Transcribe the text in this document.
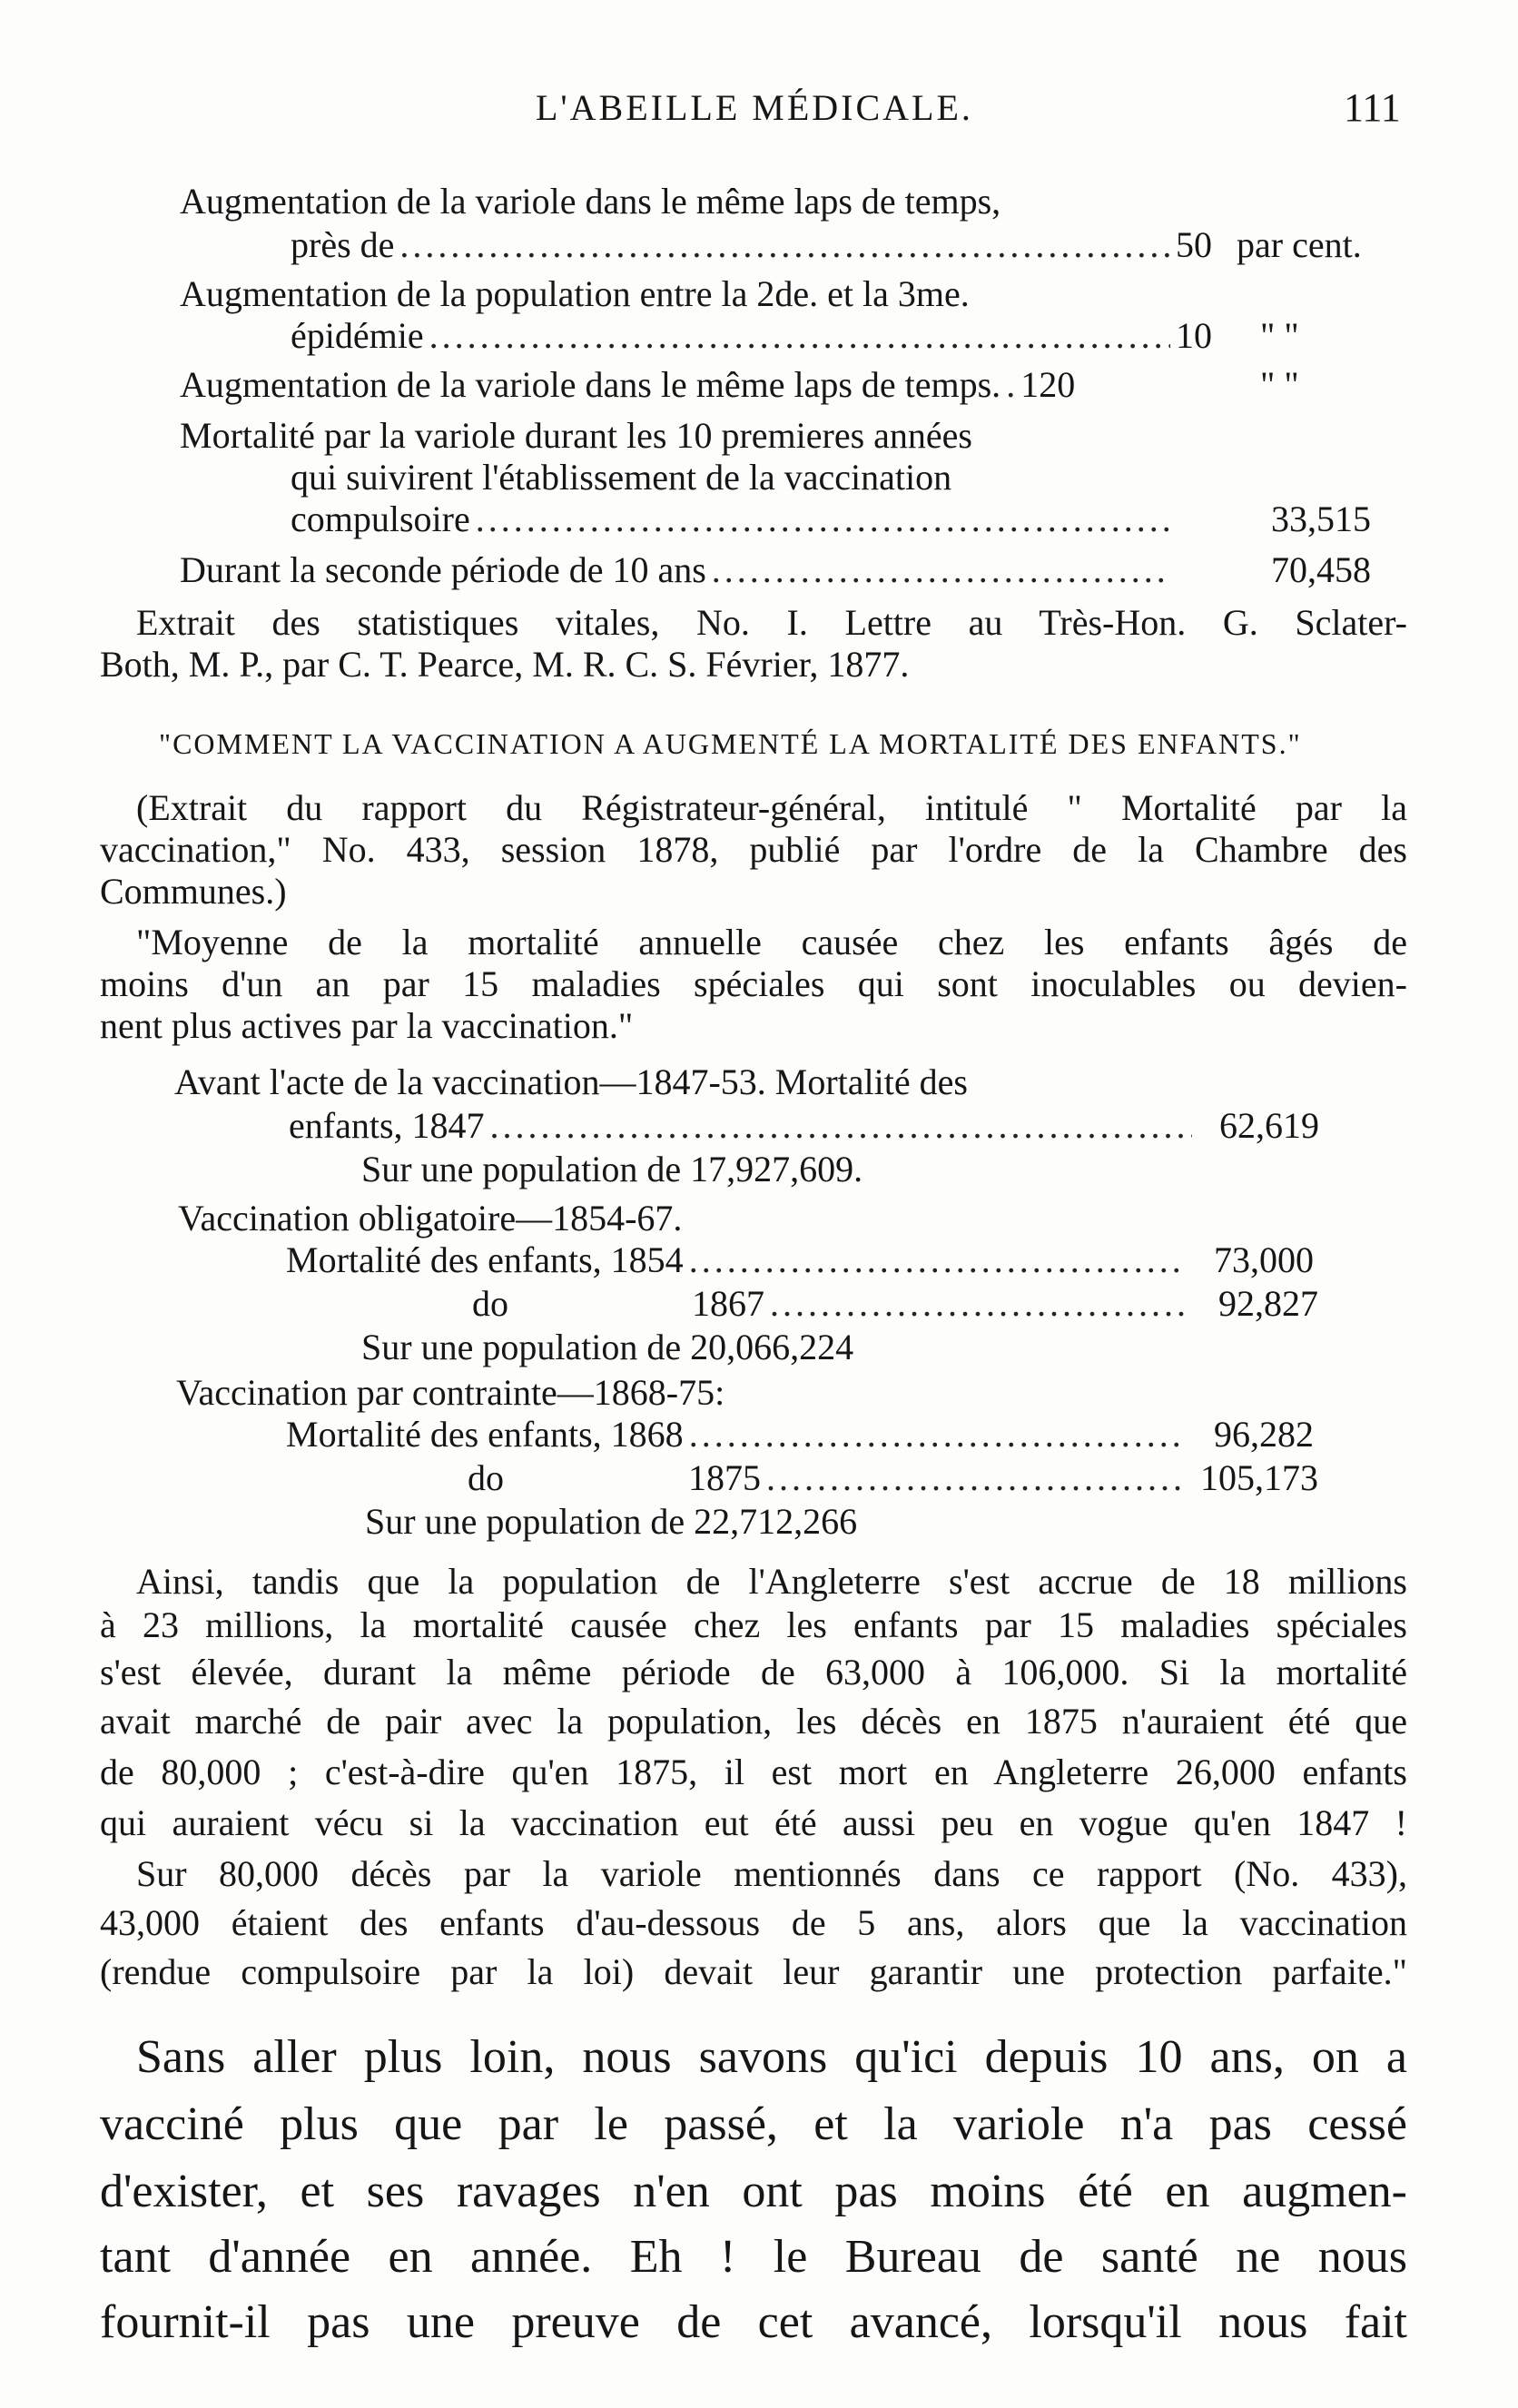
L'ABEILLE MÉDICALE.	111
Augmentation de la variole dans le même laps de temps,
près de .....	50 par cent.
Augmentation de la population entre la 2de. et la 3me.
épidémie .....	10 " "
Augmentation de la variole dans le même laps de temps. ..... 120	" "
Mortalité par la variole durant les 10 premieres années
qui suivirent l'établissement de la vaccination
compulsoire .....	33,515
Durant la seconde période de 10 ans .....	70,458
Extrait des statistiques vitales, No. I. Lettre au Très-Hon. G. Sclater-
Both, M. P., par C. T. Pearce, M. R. C. S. Février, 1877.
"COMMENT LA VACCINATION A AUGMENTÉ LA MORTALITÉ DES ENFANTS."
(Extrait du rapport du Régistrateur-général, intitulé " Mortalité par la
vaccination," No. 433, session 1878, publié par l'ordre de la Chambre des
Communes.)
"Moyenne de la mortalité annuelle causée chez les enfants âgés de
moins d'un an par 15 maladies spéciales qui sont inoculables ou devien-
nent plus actives par la vaccination."
Avant l'acte de la vaccination—1847-53. Mortalité des
enfants, 1847 .....	62,619
Sur une population de 17,927,609.
Vaccination obligatoire—1854-67.
Mortalité des enfants, 1854 .....	73,000
do	1867 .....	92,827
Sur une population de 20,066,224
Vaccination par contrainte—1868-75:
Mortalité des enfants, 1868 .....	96,282
do	1875 .....	105,173
Sur une population de 22,712,266
Ainsi, tandis que la population de l'Angleterre s'est accrue de 18 millions
à 23 millions, la mortalité causée chez les enfants par 15 maladies spéciales
s'est élevée, durant la même période de 63,000 à 106,000. Si la mortalité
avait marché de pair avec la population, les décès en 1875 n'auraient été que
de 80,000 ; c'est-à-dire qu'en 1875, il est mort en Angleterre 26,000 enfants
qui auraient vécu si la vaccination eut été aussi peu en vogue qu'en 1847 !
Sur 80,000 décès par la variole mentionnés dans ce rapport (No. 433),
43,000 étaient des enfants d'au-dessous de 5 ans, alors que la vaccination
(rendue compulsoire par la loi) devait leur garantir une protection parfaite."
Sans aller plus loin, nous savons qu'ici depuis 10 ans, on a
vacciné plus que par le passé, et la variole n'a pas cessé
d'exister, et ses ravages n'en ont pas moins été en augmen-
tant d'année en année. Eh ! le Bureau de santé ne nous
fournit-il pas une preuve de cet avancé, lorsqu'il nous fait
